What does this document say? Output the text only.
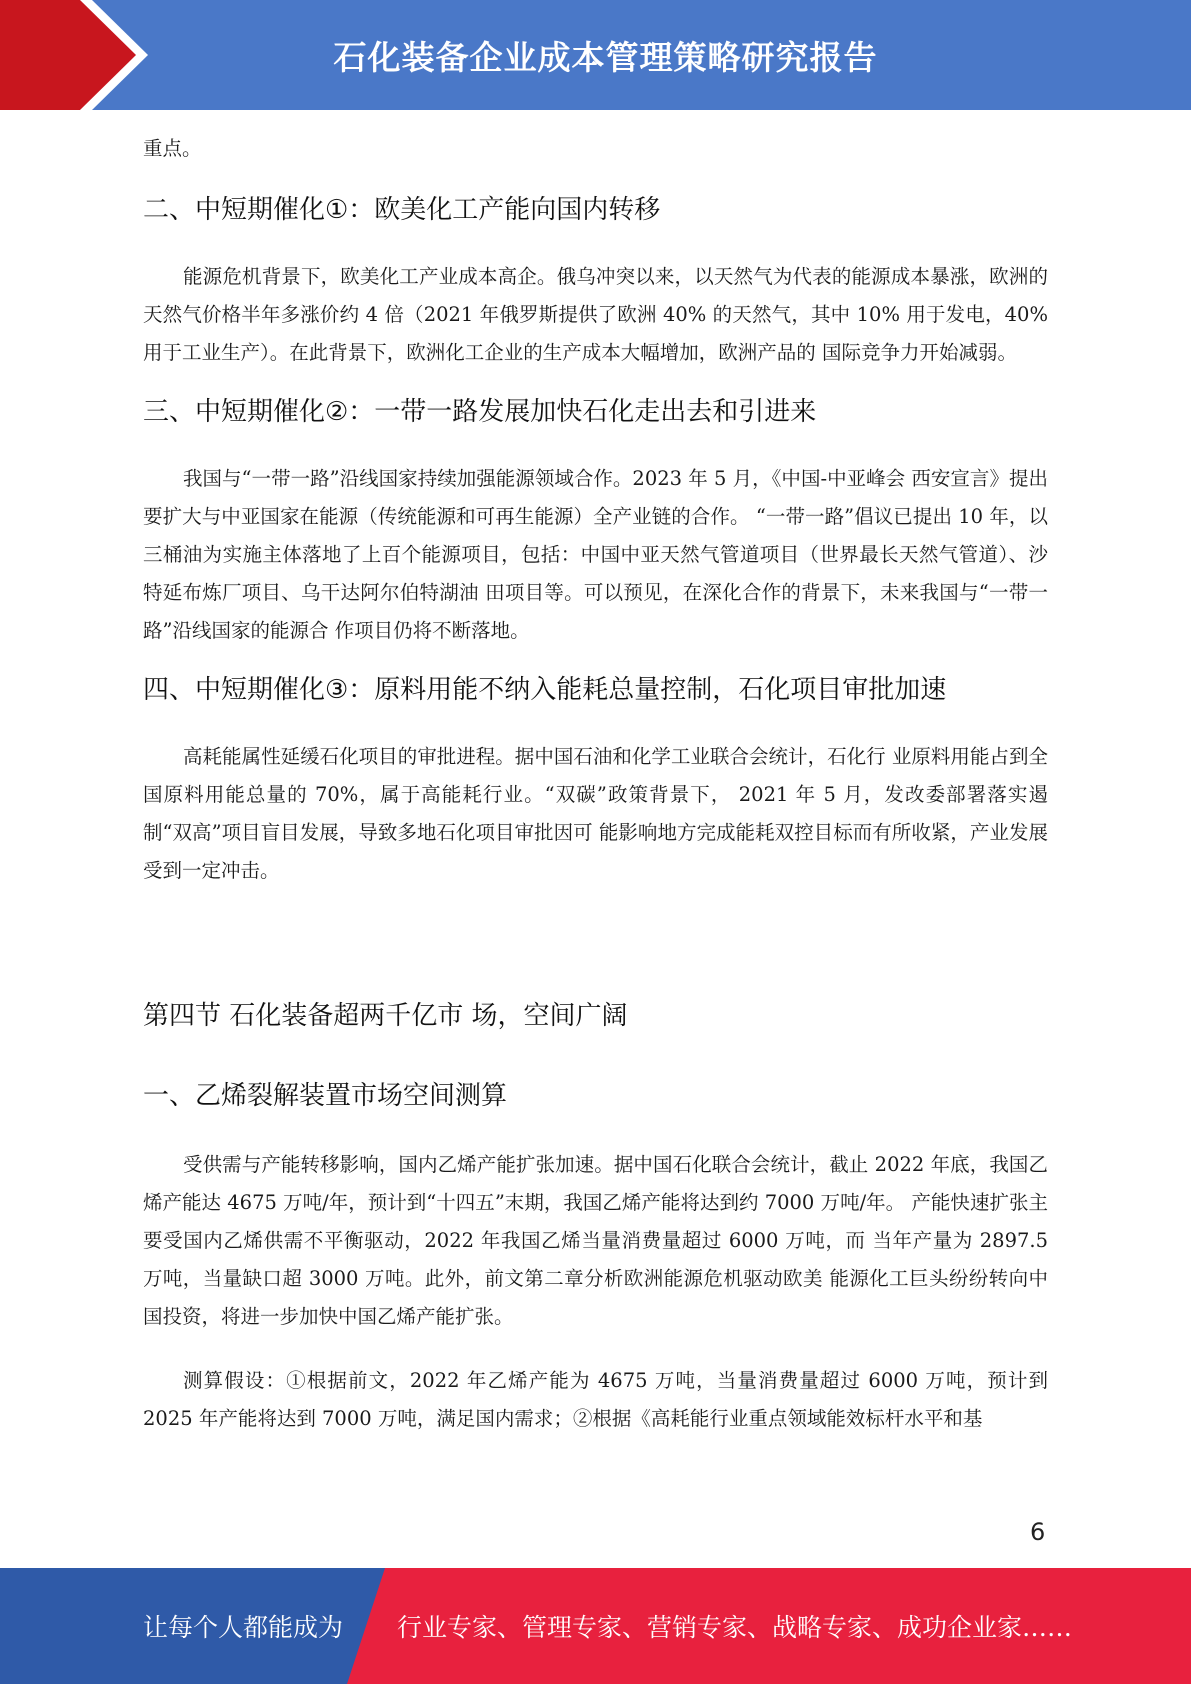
石化装备企业成本管理策略研究报告

重点。

二、中短期催化①：欧美化工产能向国内转移

能源危机背景下，欧美化工产业成本高企。俄乌冲突以来，以天然气为代表的能源成本暴涨，欧洲的天然气价格半年多涨价约 4 倍（2021 年俄罗斯提供了欧洲 40% 的天然气，其中 10% 用于发电，40% 用于工业生产）。在此背景下，欧洲化工企业的生产成本大幅增加，欧洲产品的 国际竞争力开始减弱。

三、中短期催化②：一带一路发展加快石化走出去和引进来

我国与“一带一路”沿线国家持续加强能源领域合作。2023 年 5 月，《中国-中亚峰会 西安宣言》提出要扩大与中亚国家在能源（传统能源和可再生能源）全产业链的合作。 “一带一路”倡议已提出 10 年，以三桶油为实施主体落地了上百个能源项目，包括：中国中亚天然气管道项目（世界最长天然气管道）、沙特延布炼厂项目、乌干达阿尔伯特湖油 田项目等。可以预见，在深化合作的背景下，未来我国与“一带一路”沿线国家的能源合 作项目仍将不断落地。

四、中短期催化③：原料用能不纳入能耗总量控制，石化项目审批加速

高耗能属性延缓石化项目的审批进程。据中国石油和化学工业联合会统计，石化行 业原料用能占到全国原料用能总量的 70%，属于高能耗行业。“双碳”政策背景下， 2021 年 5 月，发改委部署落实遏制“双高”项目盲目发展，导致多地石化项目审批因可 能影响地方完成能耗双控目标而有所收紧，产业发展受到一定冲击。

第四节 石化装备超两千亿市 场，空间广阔
一、乙烯裂解装置市场空间测算

受供需与产能转移影响，国内乙烯产能扩张加速。据中国石化联合会统计，截止 2022 年底，我国乙烯产能达 4675 万吨/年，预计到“十四五”末期，我国乙烯产能将达到约 7000 万吨/年。 产能快速扩张主要受国内乙烯供需不平衡驱动，2022 年我国乙烯当量消费量超过 6000 万吨，而 当年产量为 2897.5 万吨，当量缺口超 3000 万吨。此外，前文第二章分析欧洲能源危机驱动欧美 能源化工巨头纷纷转向中国投资，将进一步加快中国乙烯产能扩张。

测算假设：①根据前文，2022 年乙烯产能为 4675 万吨，当量消费量超过 6000 万吨，预计到 2025 年产能将达到 7000 万吨，满足国内需求；②根据《高耗能行业重点领域能效标杆水平和基

6
让每个人都能成为 行业专家、管理专家、营销专家、战略专家、成功企业家……
